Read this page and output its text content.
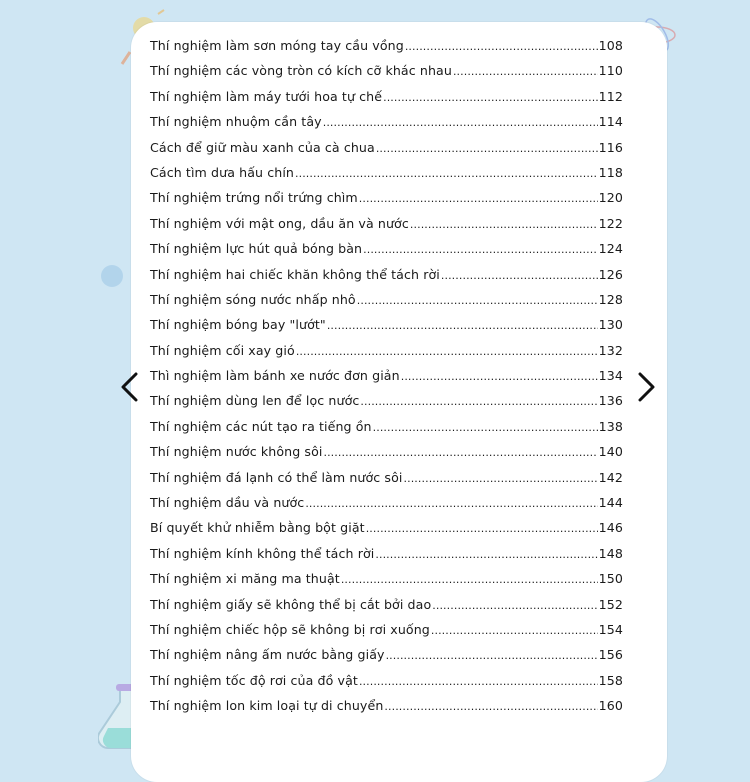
Thí nghiệm làm sơn móng tay cầu vồng .....	108
Thí nghiệm các vòng tròn có kích cỡ khác nhau .....	110
Thí nghiệm làm máy tưới hoa tự chế .....	112
Thí nghiệm nhuộm cần tây .....	114
Cách để giữ màu xanh của cà chua .....	116
Cách tìm dưa hấu chín .....	118
Thí nghiệm trứng nổi trứng chìm .....	120
Thí nghiệm với mật ong, dầu ăn và nước .....	122
Thí nghiệm lực hút quả bóng bàn .....	124
Thí nghiệm hai chiếc khăn không thể tách rời .....	126
Thí nghiệm sóng nước nhấp nhô .....	128
Thí nghiệm bóng bay "lướt" .....	130
Thí nghiệm cối xay gió .....	132
Thì nghiệm làm bánh xe nước đơn giản .....	134
Thí nghiệm dùng len để lọc nước .....	136
Thí nghiệm các nút tạo ra tiếng ồn .....	138
Thí nghiệm nước không sôi .....	140
Thí nghiệm đá lạnh có thể làm nước sôi .....	142
Thí nghiệm dầu và nước .....	144
Bí quyết khử nhiễm bằng bột giặt .....	146
Thí nghiệm kính không thể tách rời .....	148
Thí nghiệm xi măng ma thuật .....	150
Thí nghiệm giấy sẽ không thể bị cắt bởi dao .....	152
Thí nghiệm chiếc hộp sẽ không bị rơi xuống .....	154
Thí nghiệm nâng ấm nước bằng giấy .....	156
Thí nghiệm tốc độ rơi của đồ vật .....	158
Thí nghiệm lon kim loại tự di chuyển .....	160
